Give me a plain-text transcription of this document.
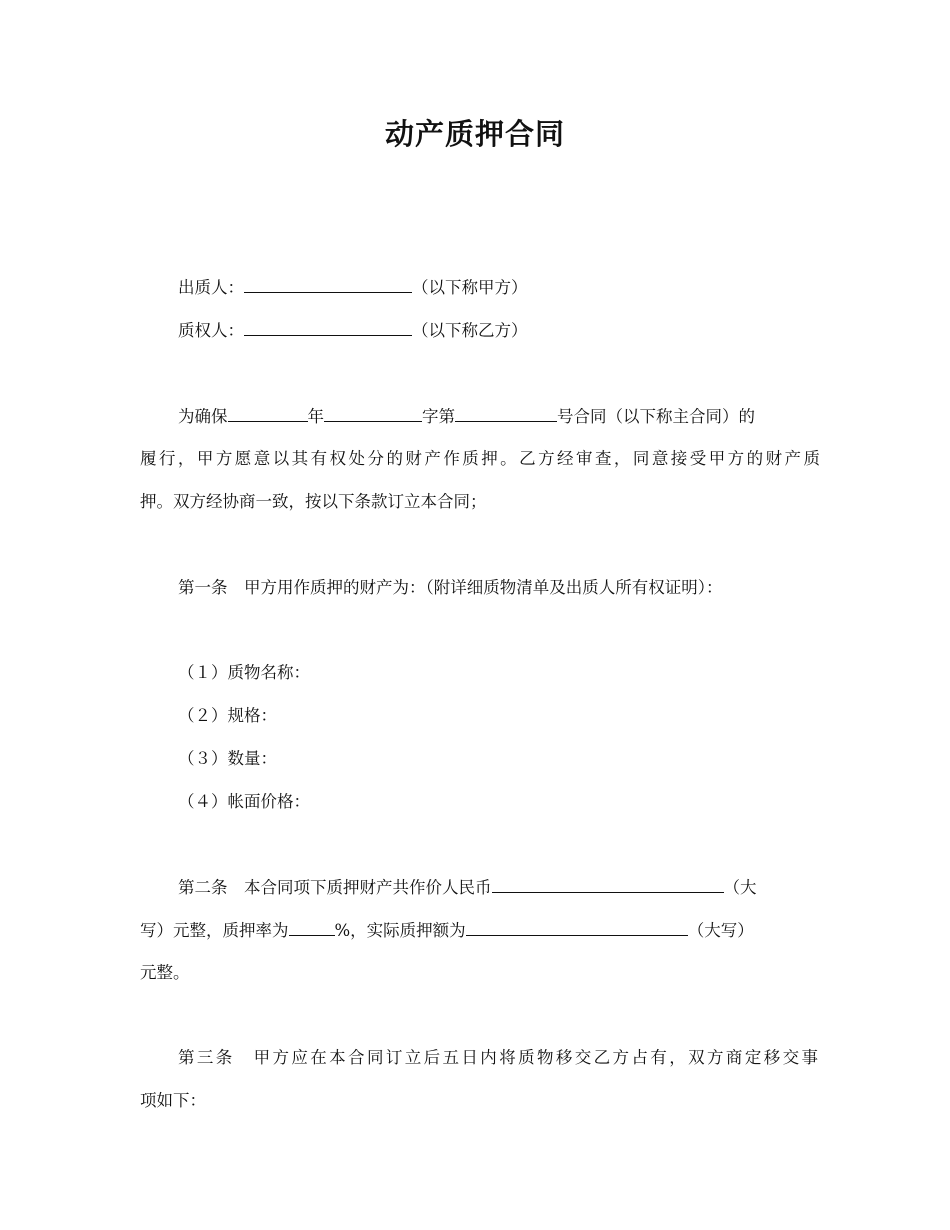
动产质押合同
出质人：	（以下称甲方）
质权人：	（以下称乙方）
为确保	年	字第	号合同（以下称主合同）的
履行，甲方愿意以其有权处分的财产作质押。乙方经审查，同意接受甲方的财产质
押。双方经协商一致，按以下条款订立本合同；
第一条　甲方用作质押的财产为：（附详细质物清单及出质人所有权证明）：
（１）质物名称：
（２）规格：
（３）数量：
（４）帐面价格：
第二条　本合同项下质押财产共作价人民币	（大
写）元整，质押率为	%，实际质押额为	（大写）
元整。
第三条　甲方应在本合同订立后五日内将质物移交乙方占有，双方商定移交事
项如下：
